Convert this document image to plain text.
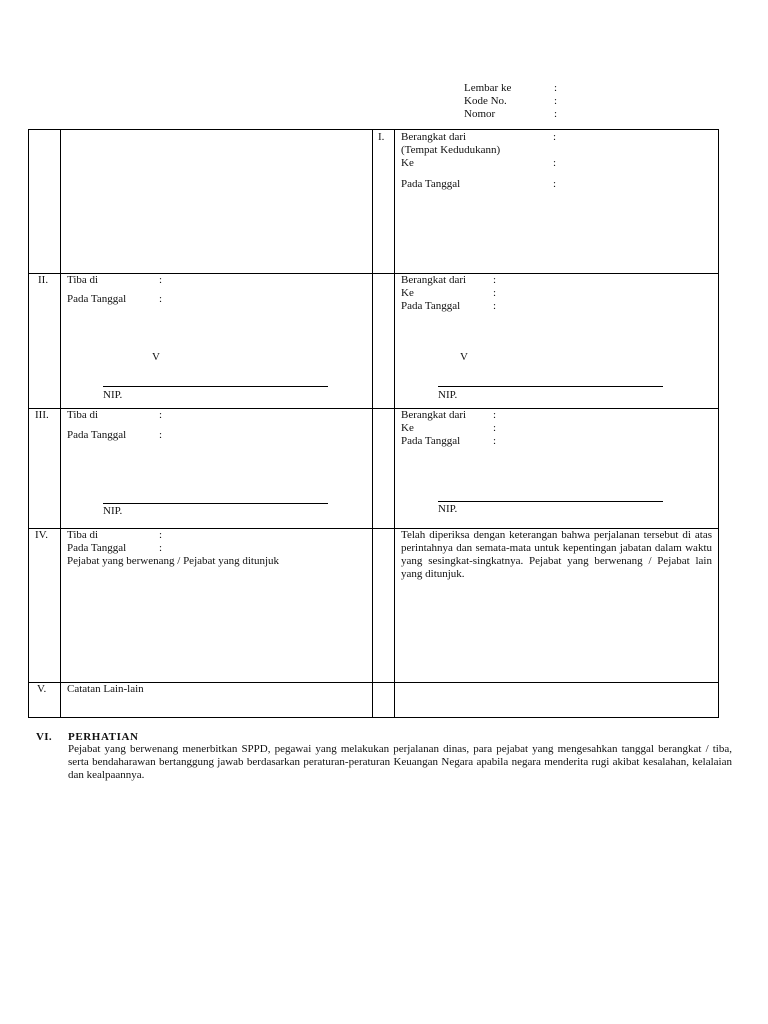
Lembar ke	:
Kode No.	:
Nomor	:
I. Berangkat dari	:
(Tempat Kedudukann)
Ke	:
Pada Tanggal	:
II. Tiba di	:
Pada Tanggal	:
V
NIP.
Berangkat dari :
Ke	:
Pada Tanggal	:
V
NIP.
III. Tiba di	:
Pada Tanggal	:
NIP.
Berangkat dari :
Ke	:
Pada Tanggal	:
NIP.
IV. Tiba di	:
Pada Tanggal	:
Pejabat yang berwenang / Pejabat yang ditunjuk
Telah diperiksa dengan keterangan bahwa perjalanan tersebut di atas perintahnya dan semata-mata untuk kepentingan jabatan dalam waktu yang sesingkat-singkatnya. Pejabat yang berwenang / Pejabat lain yang ditunjuk.
V. Catatan Lain-lain
VI. PERHATIAN
Pejabat yang berwenang menerbitkan SPPD, pegawai yang melakukan perjalanan dinas, para pejabat yang mengesahkan tanggal berangkat / tiba, serta bendaharawan bertanggung jawab berdasarkan peraturan-peraturan Keuangan Negara apabila negara menderita rugi akibat kesalahan, kelalaian dan kealpaannya.
